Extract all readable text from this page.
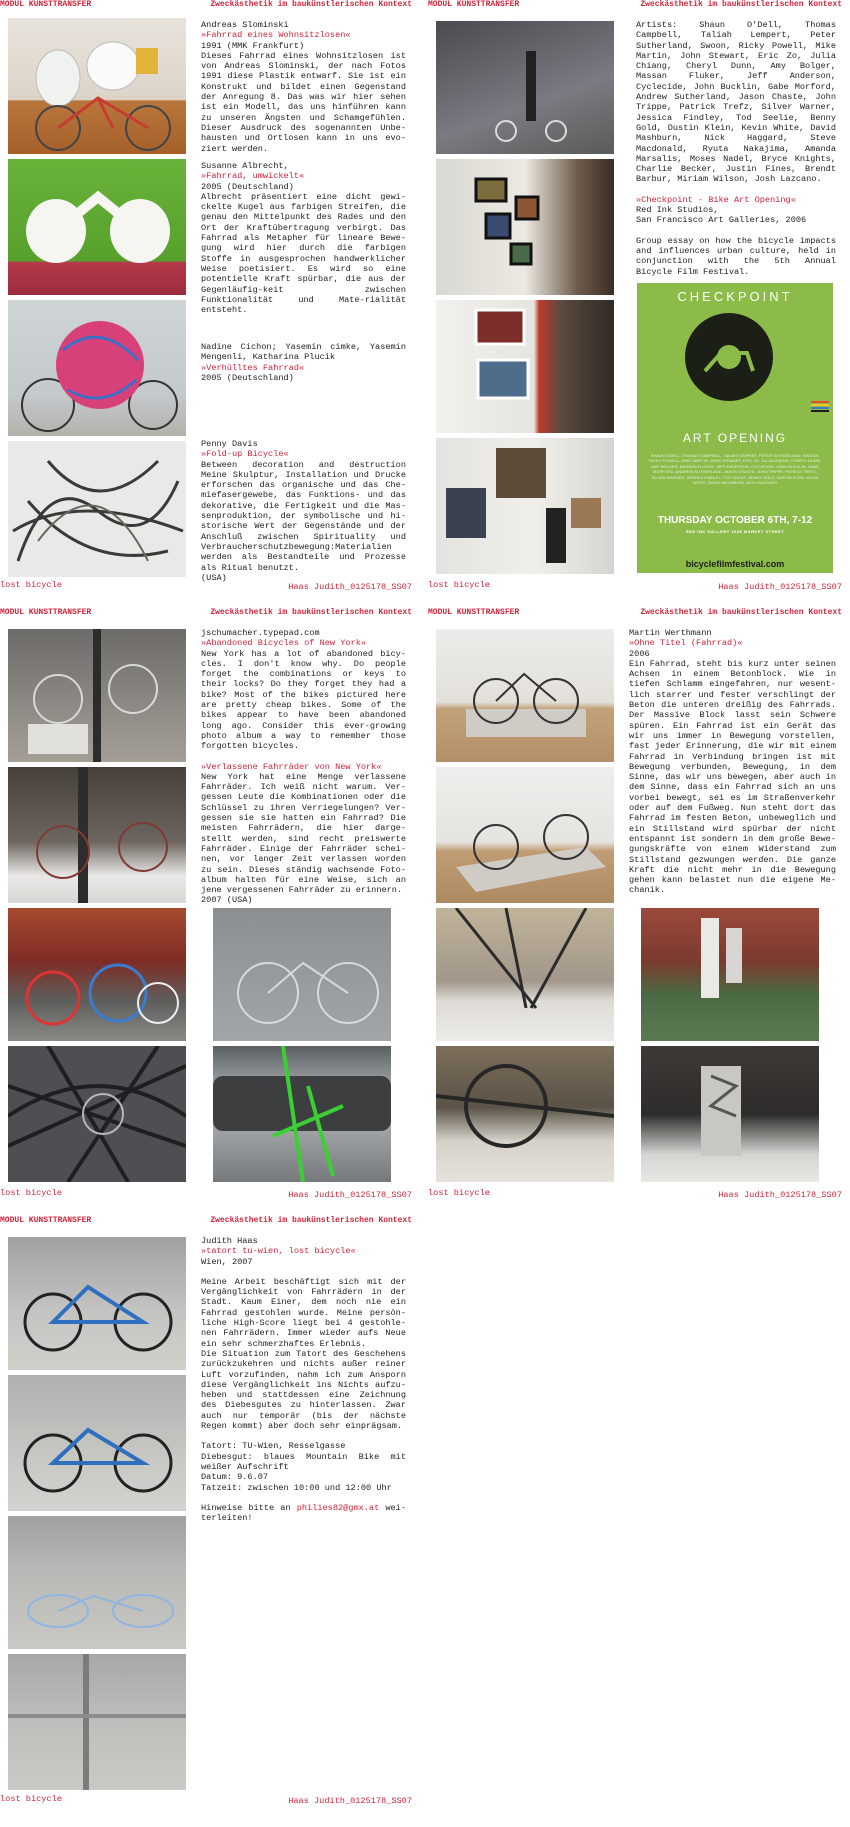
MODUL KUNSTTRANSFER	Zweckästhetik im baukünstlerischen Kontext

Andreas Slominski

»Fahrrad eines Wohnsitzlosen«

1991 (MMK Frankfurt)

Dieses Fahrrad eines Wohnsitzlosen ist von Andreas Slominski, der nach Fotos 1991 diese Plastik entwarf. Sie ist ein Konstrukt und bildet einen Gegenstand der Anregung 8. Das was wir hier sehen ist ein Modell, das uns hinführen kann zu unseren Ängsten und Schamgefühlen. Dieser Ausdruck des sogenannten Unbe-hausten und Ortlosen kann in uns evo-ziert werden.

Susanne Albrecht,

»Fahrrad, umwickelt«

2005 (Deutschland)

Albrecht präsentiert eine dicht gewi-ckelte Kugel aus farbigen Streifen, die genau den Mittelpunkt des Rades und den Ort der Kraftübertragung verbirgt. Das Fahrrad als Metapher für lineare Bewe-gung wird hier durch die farbigen Stoffe in ausgesprochen handwerklicher Weise poetisiert. Es wird so eine potentielle Kraft spürbar, die aus der Gegenläufig-keit zwischen Funktionalität und Mate-rialität entsteht.

Nadine Cichon; Yasemin cimke, Yasemin Mengenli, Katharina Plucik

»Verhülltes Fahrrad«

2005 (Deutschland)

Penny Davis

»Fold-up Bicycle«

Between decoration and destruction Meine Skulptur, Installation und Drucke erforschen das organische und das Che-miefasergewebe, das Funktions- und das dekorative, die Fertigkeit und die Mas-senproduktion, der symbolische und hi-storische Wert der Gegenstände und der Anschluß zwischen Spirituality und Verbraucherschutzbewegung:Materialien werden als Bestandteile und Prozesse als Ritual benutzt.

(USA)

lost bicycle	Haas Judith_0125178_SS07
MODUL KUNSTTRANSFER	Zweckästhetik im baukünstlerischen Kontext

Artists: Shaun O'Dell, Thomas Campbell, Taliah Lempert, Peter Sutherland, Swoon, Ricky Powell, Mike Martin, John Stewart, Eric Zo, Julia Chiang, Cheryl Dunn, Amy Bolger, Massan Fluker, Jeff Anderson, Cyclecide, John Bucklin, Gabe Morford, Andrew Sutherland, Jason Chaste, John Trippe, Patrick Trefz, Silver Warner, Jessica Findley, Tod Seelie, Benny Gold, Dustin Klein, Kevin White, David Mashburn, Nick Haggard, Steve Macdonald, Ryuta Nakajima, Amanda Marsalis, Moses Nadel, Bryce Knights, Charlie Becker, Justin Fines, Brendt Barbur, Miriam Wilson, Josh Lazcano.

»Checkpoint - Bike Art Opening«

Red Ink Studios,

San Francisco Art Galleries, 2006

Group essay on how the bicycle impacts and influences urban culture, held in conjunction with the 5th Annual Bicycle Film Festival.

CHECKPOINT
ART OPENING
SHAUN O'DELL, THOMAS CAMPBELL, TALIAH LEMPERT, PETER SUTHERLAND, SWOON, RICKY POWELL, MIKE MARTIN, JOHN STEWART, ERIC ZO, JULIA CHIANG, CHERYL DUNN, AMY BOLGER, MASSAN FLUKER, JEFF ANDERSON, CYCLECIDE, JOHN BUCKLIN, GABE MORFORD, ANDREW SUTHERLAND, JASON CHASTE, JOHN TRIPPE, PATRICK TREFZ, SILVER WARNER, JESSICA FINDLEY, TOD SEELIE, BENNY GOLD, DUSTIN KLEIN, KEVIN WHITE, DAVID MASHBURN, NICK HAGGARD
THURSDAY OCTOBER 6TH, 7-12
RED INK GALLERY 1035 MARKET STREET
bicyclefilmfestival.com
lost bicycle	Haas Judith_0125178_SS07
MODUL KUNSTTRANSFER	Zweckästhetik im baukünstlerischen Kontext

jschumacher.typepad.com

»Abandoned Bicycles of New York«

New York has a lot of abandoned bicy-cles. I don't know why. Do people forget the combinations or keys to their locks? Do they forget they had a bike? Most of the bikes pictured here are pretty cheap bikes. Some of the bikes appear to have been abandoned long ago. Consider this ever-growing photo album a way to remember those forgotten bicycles.

»Verlassene Fahrräder von New York«

New York hat eine Menge verlassene Fahrräder. Ich weiß nicht warum. Ver-gessen Leute die Kombinationen oder die Schlüssel zu ihren Verriegelungen? Ver-gessen sie sie hatten ein Fahrrad? Die meisten Fahrrädern, die hier darge-stellt werden, sind recht preiswerte Fahrräder. Einige der Fahrräder schei-nen, vor langer Zeit verlassen worden zu sein. Dieses ständig wachsende Foto-album halten für eine Weise, sich an jene vergessenen Fahrräder zu erinnern.

2007 (USA)

lost bicycle	Haas Judith_0125178_SS07
MODUL KUNSTTRANSFER	Zweckästhetik im baukünstlerischen Kontext

Martin Werthmann

»Ohne Titel (Fahrrad)«

2006

Ein Fahrrad, steht bis kurz unter seinen Achsen in einem Betonblock. Wie in tiefen Schlamm eingefahren, nur wesent-lich starrer und fester verschlingt der Beton die unteren dreißig des Fahrrads. Der Massive Block lasst sein Schwere spüren. Ein Fahrrad ist ein Gerät das wir uns immer in Bewegung vorstellen, fast jeder Erinnerung, die wir mit einem Fahrrad in Verbindung bringen ist mit Bewegung verbunden, Bewegung, in dem Sinne, das wir uns bewegen, aber auch in dem Sinne, dass ein Fahrrad sich an uns vorbei bewegt, sei es im Straßenverkehr oder auf dem Fußweg. Nun steht dort das Fahrrad im festen Beton, unbeweglich und ein Stillstand wird spürbar der nicht entspannt ist sondern in dem große Bewe-gungskräfte von einem Widerstand zum Stillstand gezwungen werden. Die ganze Kraft die nicht mehr in die Bewegung gehen kann belastet nun die eigene Me-chanik.

lost bicycle	Haas Judith_0125178_SS07
MODUL KUNSTTRANSFER	Zweckästhetik im baukünstlerischen Kontext

Judith Haas

»tatort tu-wien, lost bicycle«

Wien, 2007

Meine Arbeit beschäftigt sich mit der Vergänglichkeit von Fahrrädern in der Stadt. Kaum Einer, dem noch nie ein Fahrrad gestohlen wurde. Meine persön-liche High-Score liegt bei 4 gestohle-nen Fahrrädern. Immer wieder aufs Neue ein sehr schmerzhaftes Erlebnis.

Die Situation zum Tatort des Geschehens zurückzukehren und nichts außer reiner Luft vorzufinden, nahm ich zum Ansporn diese Vergänglichkeit ins Nichts aufzu-heben und stattdessen eine Zeichnung des Diebesgutes zu hinterlassen. Zwar auch nur temporär (bis der nächste Regen kommt) aber doch sehr einprägsam.

Tatort: TU-Wien, Resselgasse

Diebesgut: blaues Mountain Bike mit weißer Aufschrift

Datum: 9.6.07

Tatzeit: zwischen 10:00 und 12:00 Uhr

Hinweise bitte an philies82@gmx.at wei-terleiten!

lost bicycle	Haas Judith_0125178_SS07
